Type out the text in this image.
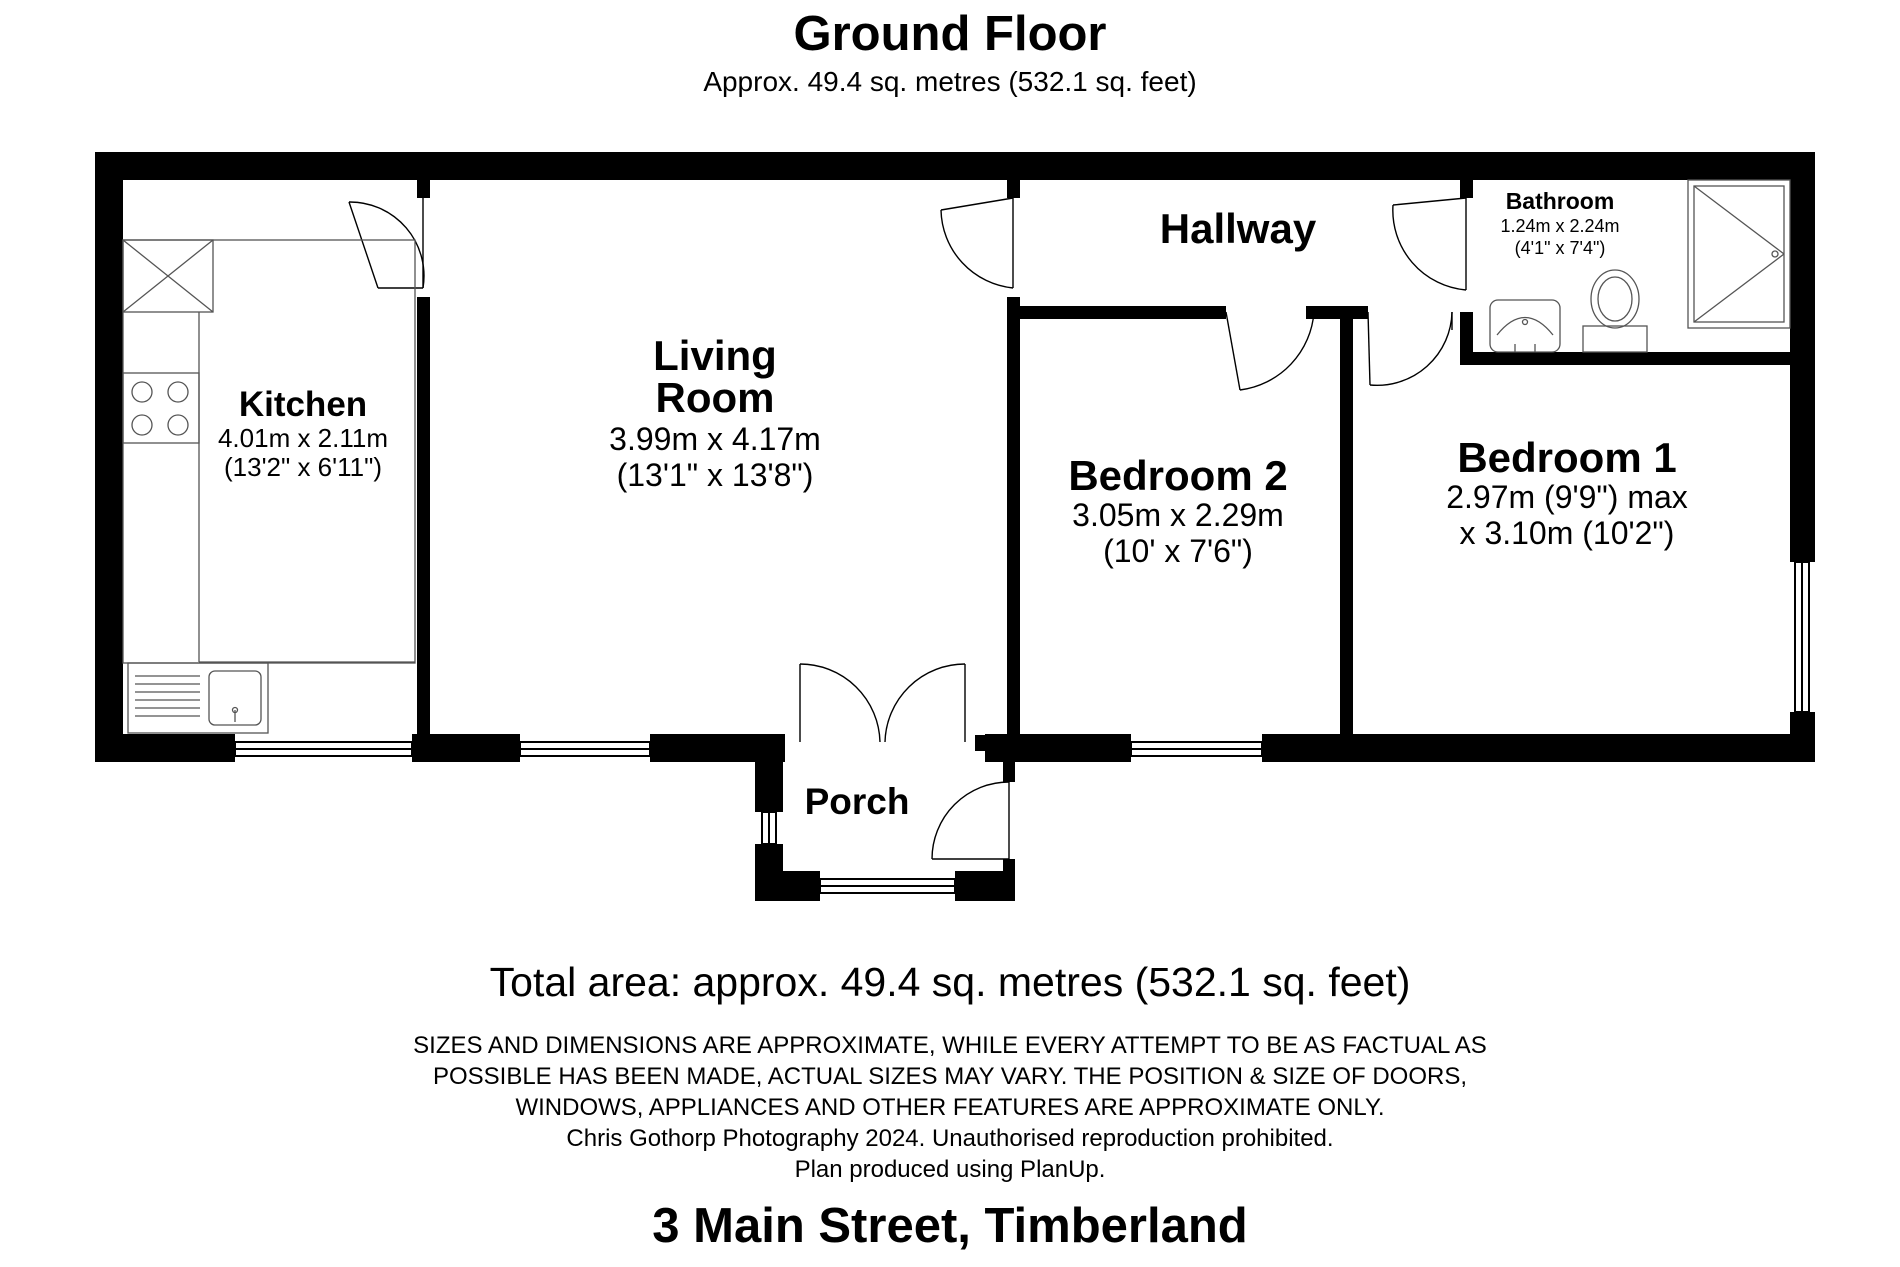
Ground Floor
Approx. 49.4 sq. metres (532.1 sq. feet)
Kitchen
4.01m x 2.11m
(13'2" x 6'11")
Living
Room
3.99m x 4.17m
(13'1" x 13'8")
Hallway
Bathroom
1.24m x 2.24m
(4'1" x 7'4")
Bedroom 2
3.05m x 2.29m
(10' x 7'6")
Bedroom 1
2.97m (9'9") max
x 3.10m (10'2")
Porch
Total area: approx. 49.4 sq. metres (532.1 sq. feet)
SIZES AND DIMENSIONS ARE APPROXIMATE, WHILE EVERY ATTEMPT TO BE AS FACTUAL AS
POSSIBLE HAS BEEN MADE, ACTUAL SIZES MAY VARY. THE POSITION & SIZE OF DOORS,
WINDOWS, APPLIANCES AND OTHER FEATURES ARE APPROXIMATE ONLY.
Chris Gothorp Photography 2024. Unauthorised reproduction prohibited.
Plan produced using PlanUp.
3 Main Street, Timberland
